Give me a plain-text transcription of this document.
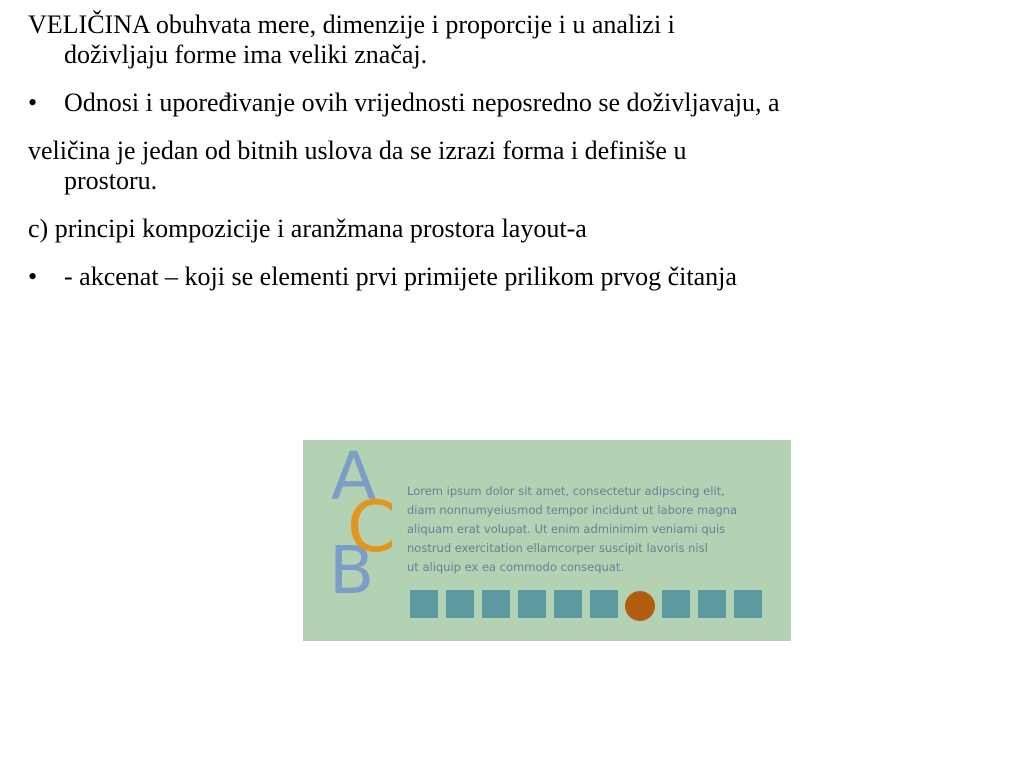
VELIČINA obuhvata mere, dimenzije i proporcije i u analizi i
doživljaju forme ima veliki značaj.

•	Odnosi i upoređivanje ovih vrijednosti neposredno se doživljavaju, a

veličina je jedan od bitnih uslova da se izrazi forma i definiše u
prostoru.

c) principi kompozicije i aranžmana prostora layout-a

•	- akcenat – koji se elementi prvi primijete prilikom prvog čitanja

A
B
C Lorem ipsum dolor sit amet, consectetur adipscing elit,
diam nonnumyeiusmod tempor incidunt ut labore magna
aliquam erat volupat. Ut enim adminimim veniami quis
nostrud exercitation ellamcorper suscipit lavoris nisl
ut aliquip ex ea commodo consequat.
